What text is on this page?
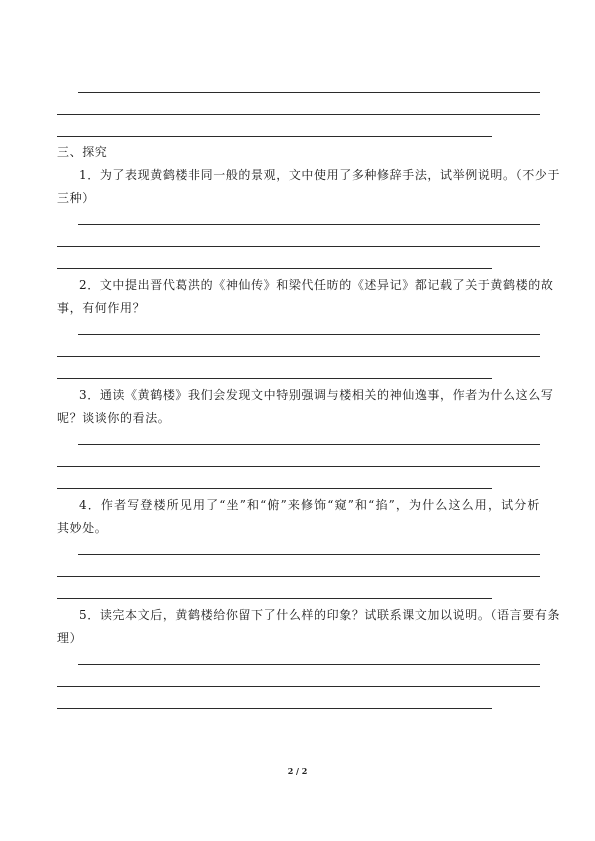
三、探究

1．为了表现黄鹤楼非同一般的景观，文中使用了多种修辞手法，试举例说明。（不少于

三种）

2．文中提出晋代葛洪的《神仙传》和梁代任昉的《述异记》都记载了关于黄鹤楼的故

事，有何作用？

3．通读《黄鹤楼》我们会发现文中特别强调与楼相关的神仙逸事，作者为什么这么写

呢？谈谈你的看法。

4．作者写登楼所见用了“坐”和“俯”来修饰“窥”和“掐”，为什么这么用，试分析

其妙处。

5．读完本文后，黄鹤楼给你留下了什么样的印象？试联系课文加以说明。（语言要有条

理）

2 / 2
